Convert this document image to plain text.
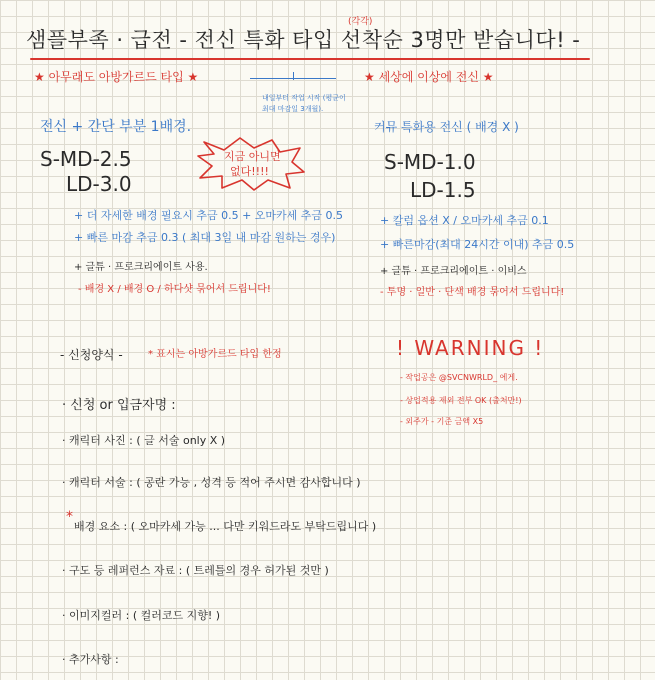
(각각)
샘플부족 · 급전 - 전신 특화 타입 선착순 3명만 받습니다! -
★ 아무래도 아방가르드 타입 ★	★ 세상에 이상에 전신 ★
내일부터 작업 시작 (평균이
최대 마감일 3개월).
전신 + 간단 부분 1배경.
S-MD-2.5
LD-3.0
지금 아니면
없다!!!!
+ 더 자세한 배경 필요시 추금 0.5 + 오마카세 추금 0.5
+ 빠른 마감 추금 0.3 ( 최대 3일 내 마감 원하는 경우)
+ 글튜 · 프로크리에이트 사용.
- 배경 X / 배경 O / 하다샷 묶어서 드립니다!
커뮤 특화용 전신 ( 배경 X )
S-MD-1.0
LD-1.5
+ 칼럼 옵션 X / 오마카세 추금 0.1
+ 빠른마감(최대 24시간 이내) 추금 0.5
+ 글튜 · 프로크리에이트 · 이비스
- 투명 · 일반 · 단색 배경 묶어서 드립니다!
- 신청양식 -	* 표시는 아방가르드 타입 한정	! WARNING !
- 작업공은 @SVCNWRLD_ 에게.
- 상업적용 제외 전부 OK (출처만!)
- 외주가 - 기준 금액 X5
· 신청 or 입금자명 :
· 캐릭터 사진 : ( 글 서술 only X )
· 캐릭터 서술 : ( 공란 가능 , 성격 등 적어 주시면 감사합니다 )
*
배경 요소 : ( 오마카세 가능 ... 다만 키워드라도 부탁드립니다 )
· 구도 등 레퍼런스 자료 : ( 트레틀의 경우 허가된 것만 )
· 이미지컬러 : ( 컬러코드 지향! )
· 추가사항 :
